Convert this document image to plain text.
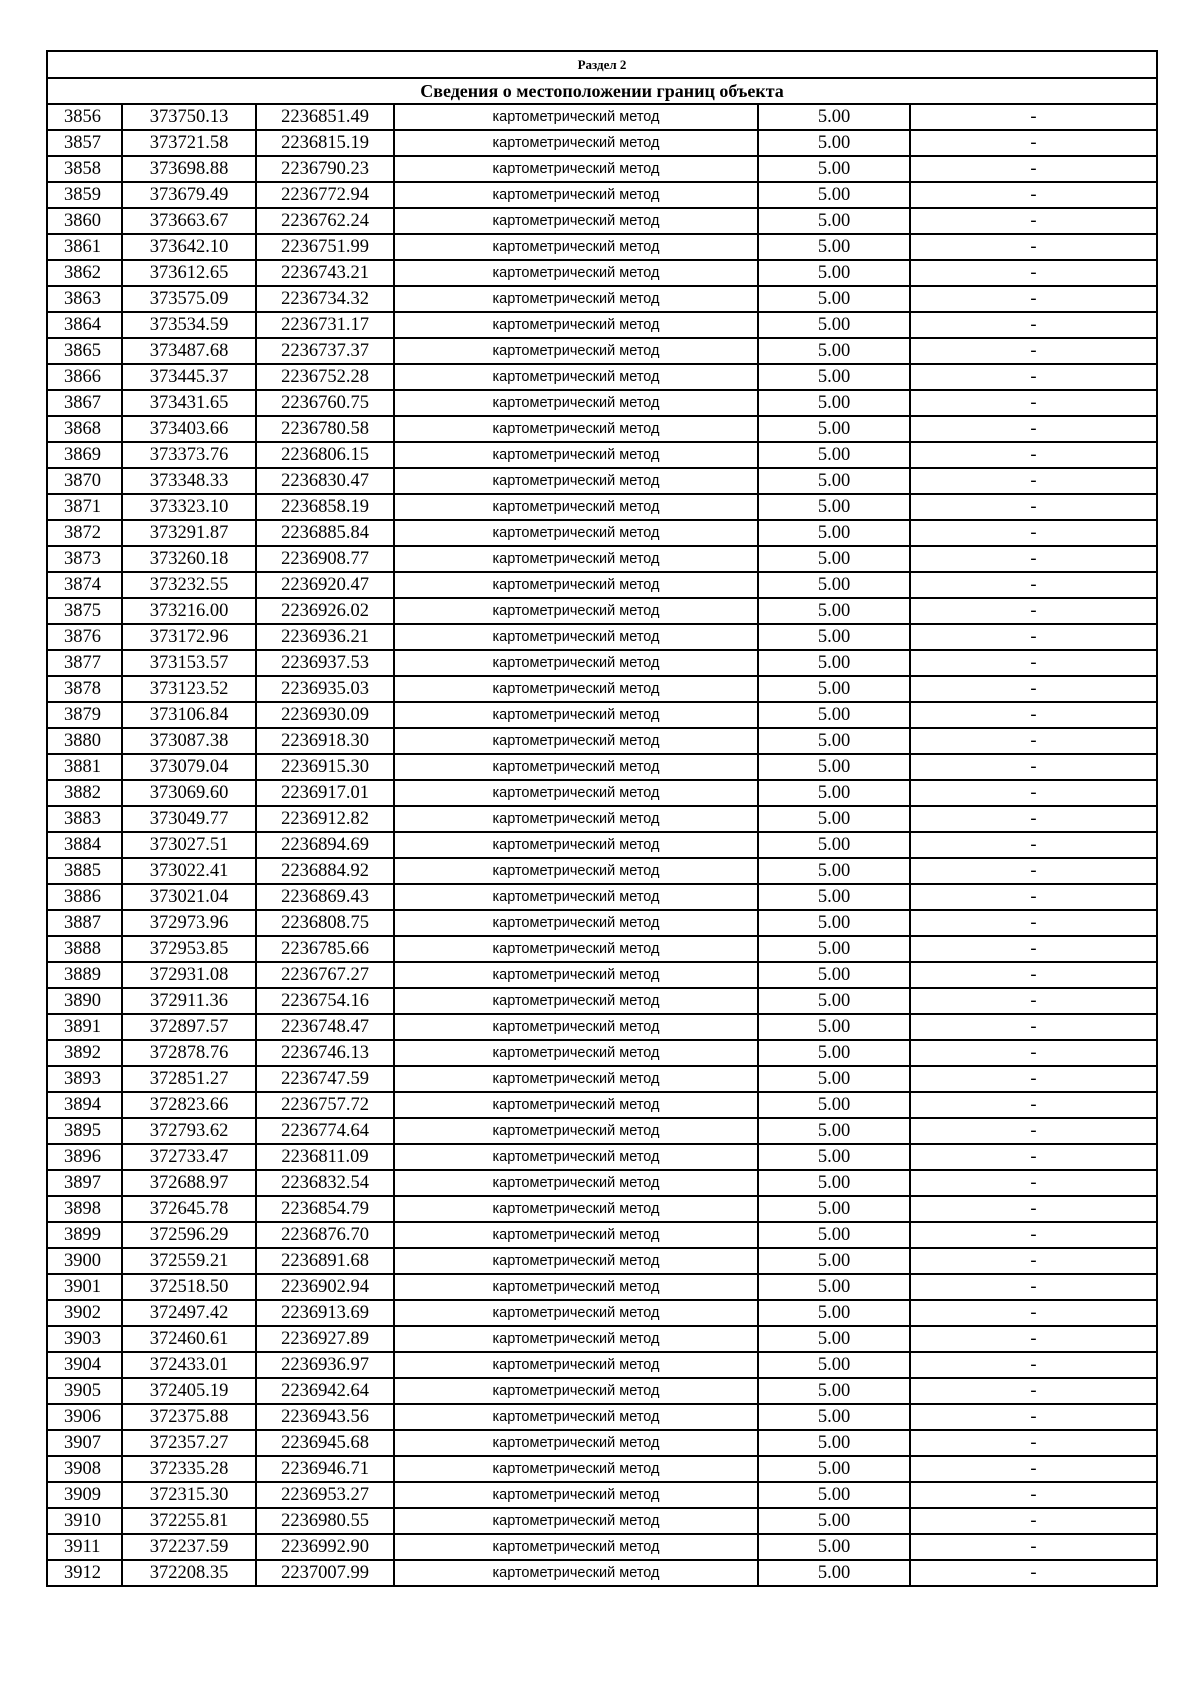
Раздел 2					
Сведения о местоположении границ объекта					
3856	373750.13	2236851.49	картометрический метод	5.00	-
3857	373721.58	2236815.19	картометрический метод	5.00	-
3858	373698.88	2236790.23	картометрический метод	5.00	-
3859	373679.49	2236772.94	картометрический метод	5.00	-
3860	373663.67	2236762.24	картометрический метод	5.00	-
3861	373642.10	2236751.99	картометрический метод	5.00	-
3862	373612.65	2236743.21	картометрический метод	5.00	-
3863	373575.09	2236734.32	картометрический метод	5.00	-
3864	373534.59	2236731.17	картометрический метод	5.00	-
3865	373487.68	2236737.37	картометрический метод	5.00	-
3866	373445.37	2236752.28	картометрический метод	5.00	-
3867	373431.65	2236760.75	картометрический метод	5.00	-
3868	373403.66	2236780.58	картометрический метод	5.00	-
3869	373373.76	2236806.15	картометрический метод	5.00	-
3870	373348.33	2236830.47	картометрический метод	5.00	-
3871	373323.10	2236858.19	картометрический метод	5.00	-
3872	373291.87	2236885.84	картометрический метод	5.00	-
3873	373260.18	2236908.77	картометрический метод	5.00	-
3874	373232.55	2236920.47	картометрический метод	5.00	-
3875	373216.00	2236926.02	картометрический метод	5.00	-
3876	373172.96	2236936.21	картометрический метод	5.00	-
3877	373153.57	2236937.53	картометрический метод	5.00	-
3878	373123.52	2236935.03	картометрический метод	5.00	-
3879	373106.84	2236930.09	картометрический метод	5.00	-
3880	373087.38	2236918.30	картометрический метод	5.00	-
3881	373079.04	2236915.30	картометрический метод	5.00	-
3882	373069.60	2236917.01	картометрический метод	5.00	-
3883	373049.77	2236912.82	картометрический метод	5.00	-
3884	373027.51	2236894.69	картометрический метод	5.00	-
3885	373022.41	2236884.92	картометрический метод	5.00	-
3886	373021.04	2236869.43	картометрический метод	5.00	-
3887	372973.96	2236808.75	картометрический метод	5.00	-
3888	372953.85	2236785.66	картометрический метод	5.00	-
3889	372931.08	2236767.27	картометрический метод	5.00	-
3890	372911.36	2236754.16	картометрический метод	5.00	-
3891	372897.57	2236748.47	картометрический метод	5.00	-
3892	372878.76	2236746.13	картометрический метод	5.00	-
3893	372851.27	2236747.59	картометрический метод	5.00	-
3894	372823.66	2236757.72	картометрический метод	5.00	-
3895	372793.62	2236774.64	картометрический метод	5.00	-
3896	372733.47	2236811.09	картометрический метод	5.00	-
3897	372688.97	2236832.54	картометрический метод	5.00	-
3898	372645.78	2236854.79	картометрический метод	5.00	-
3899	372596.29	2236876.70	картометрический метод	5.00	-
3900	372559.21	2236891.68	картометрический метод	5.00	-
3901	372518.50	2236902.94	картометрический метод	5.00	-
3902	372497.42	2236913.69	картометрический метод	5.00	-
3903	372460.61	2236927.89	картометрический метод	5.00	-
3904	372433.01	2236936.97	картометрический метод	5.00	-
3905	372405.19	2236942.64	картометрический метод	5.00	-
3906	372375.88	2236943.56	картометрический метод	5.00	-
3907	372357.27	2236945.68	картометрический метод	5.00	-
3908	372335.28	2236946.71	картометрический метод	5.00	-
3909	372315.30	2236953.27	картометрический метод	5.00	-
3910	372255.81	2236980.55	картометрический метод	5.00	-
3911	372237.59	2236992.90	картометрический метод	5.00	-
3912	372208.35	2237007.99	картометрический метод	5.00	-
